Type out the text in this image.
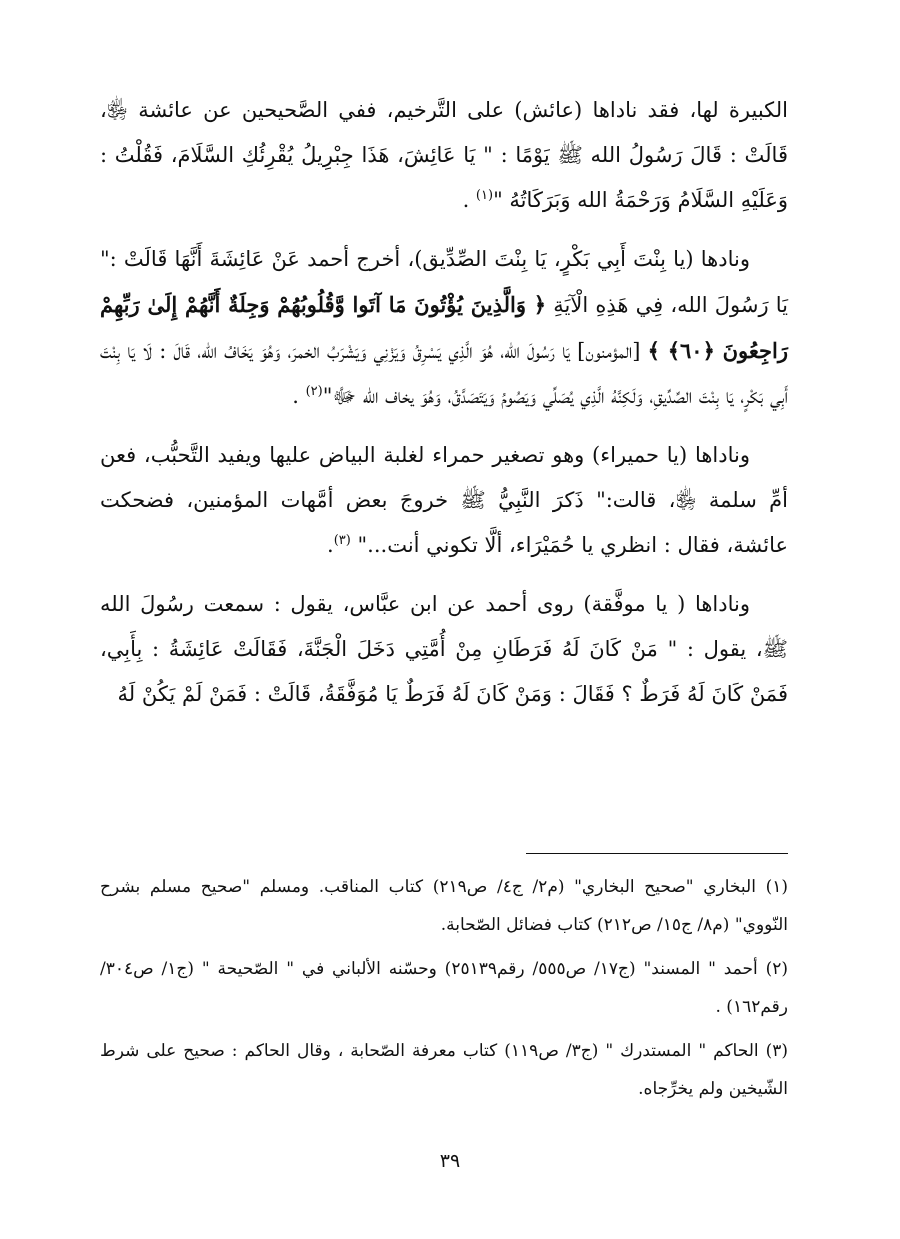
الكبيرة لها، فقد ناداها (عائش) على التَّرخيم، ففي الصَّحيحين عن عائشة ﵂، قَالَتْ : قَالَ رَسُولُ الله ﷺ يَوْمًا : " يَا عَائِشَ، هَذَا جِبْرِيلُ يُقْرِئُكِ السَّلَامَ، فَقُلْتُ : وَعَلَيْهِ السَّلَامُ وَرَحْمَةُ الله وَبَرَكَاتُهُ "$^{(١)}$ .

ونادها (يا بِنْتَ أَبِي بَكْرٍ، يَا بِنْتَ الصِّدِّيق)، أخرج أحمد عَنْ عَائِشَةَ أَنَّهَا قَالَتْ :" يَا رَسُولَ الله، فِي هَذِهِ الْآيَةِ ﴿ وَالَّذِينَ يُؤْتُونَ مَا آتَوا وَّقُلُوبُهُمْ وَجِلَةٌ أَنَّهُمْ إِلَىٰ رَبِّهِمْ رَاجِعُونَ ﴿٦٠﴾ ﴾ [المؤمنون] يَا رَسُولَ الله، هُوَ الَّذِي يَسْرِقُ وَيَزْنِي وَيَشْرَبُ الخمرَ، وَهُوَ يَخَافُ الله، قَالَ : لَا يَا بِنْتَ أَبِي بَكْرٍ، يَا بِنْتَ الصِّدِّيقِ، وَلَكِنَّهُ الَّذِي يُصَلِّي وَيَصُومُ وَيَتَصَدَّقُ، وَهُوَ يخاف الله ﷻ"$^{(٢)}$ .

وناداها (يا حميراء) وهو تصغير حمراء لغلبة البياض عليها ويفيد التَّحبُّب، فعن أمِّ سلمة ﵂، قالت:" ذَكرَ النَّبِيُّ ﷺ خروجَ بعض أمَّهات المؤمنين، فضحكت عائشة، فقال : انظري يا حُمَيْرَاء، ألَّا تكوني أنت..." $^{(٣)}$.

وناداها ( يا موفَّقة) روى أحمد عن ابن عبَّاس، يقول : سمعت رسُولَ الله ﷺ، يقول : " مَنْ كَانَ لَهُ فَرَطَانِ مِنْ أُمَّتِي دَخَلَ الْجَنَّةَ، فَقَالَتْ عَائِشَةُ : بِأَبِي، فَمَنْ كَانَ لَهُ فَرَطٌ ؟ فَقَالَ : وَمَنْ كَانَ لَهُ فَرَطٌ يَا مُوَفَّقَةُ، قَالَتْ : فَمَنْ لَمْ يَكُنْ لَهُ

(١) البخاري "صحيح البخاري" (م٢/ ج٤/ ص٢١٩) كتاب المناقب. ومسلم "صحيح مسلم بشرح النّووي" (م٨/ ج١٥/ ص٢١٢) كتاب فضائل الصّحابة.

(٢) أحمد " المسند" (ج١٧/ ص٥٥٥/ رقم٢٥١٣٩) وحسّنه الألباني في " الصّحيحة " (ج١/ ص٣٠٤/ رقم١٦٢) .

(٣) الحاكم " المستدرك " (ج٣/ ص١١٩) كتاب معرفة الصّحابة ، وقال الحاكم : صحيح على شرط الشّيخين ولم يخرِّجاه.

٣٩
